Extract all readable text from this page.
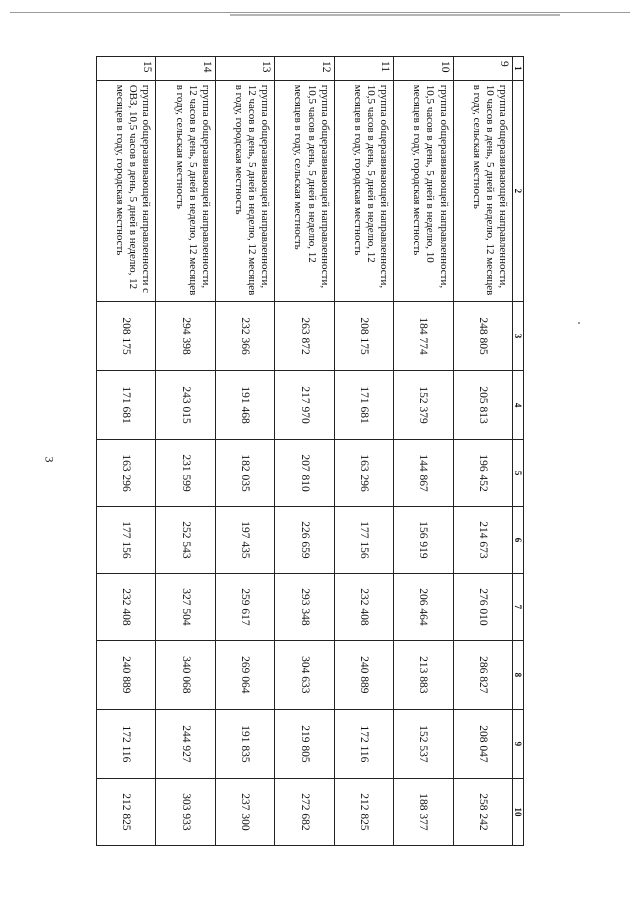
3
1	2	3	4	5	6	7	8	9	10
9	группа общеразвивающей направленности, 10 часов в день, 5 дней в неделю, 12 месяцев в году, сельская местность	248 805	205 813	196 452	214 673	276 010	286 827	208 047	258 242
10	группа общеразвивающей направленности, 10,5 часов в день, 5 дней в неделю, 10 месяцев в году, городская местность	184 774	152 379	144 867	156 919	206 464	213 883	152 537	188 377
11	группа общеразвивающей направленности, 10,5 часов в день, 5 дней в неделю, 12 месяцев в году, городская местность	208 175	171 681	163 296	177 156	232 408	240 889	172 116	212 825
12	группа общеразвивающей направленности, 10,5 часов в день, 5 дней в неделю, 12 месяцев в году, сельская местность	263 872	217 970	207 810	226 659	293 348	304 633	219 805	272 682
13	группа общеразвивающей направленности, 12 часов в день, 5 дней в неделю, 12 месяцев в году, городская местность	232 366	191 468	182 035	197 435	259 617	269 064	191 835	237 300
14	группа общеразвивающей направленности, 12 часов в день, 5 дней в неделю, 12 месяцев в году, сельская местность	294 398	243 015	231 599	252 543	327 504	340 068	244 927	303 933
15	группа общеразвивающей направленности с ОВЗ, 10,5 часов в день, 5 дней в неделю, 12 месяцев в году, городская местность	208 175	171 681	163 296	177 156	232 408	240 889	172 116	212 825
